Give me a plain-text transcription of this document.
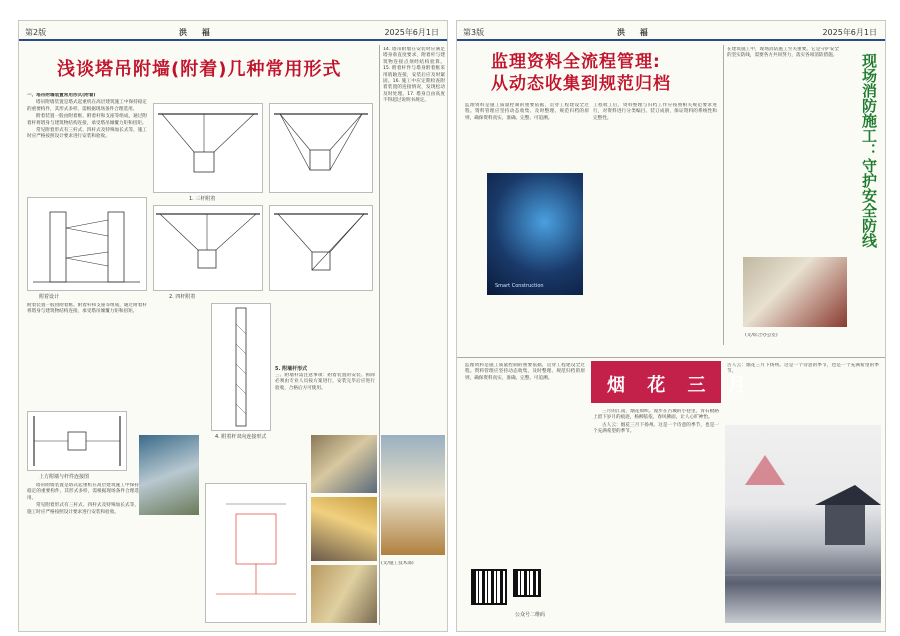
第2版	洪 福	2025年6月1日
浅谈塔吊附墙(附着)几种常用形式
14. 塔吊附墙在安装时应满足塔身垂直度要求，附着杆与建筑物连接点须经结构验算。15. 附着杆件与塔身附着框采用销轴连接，安装后应及时紧固。16. 施工中应定期检查附着装置的连接情况，发现松动及时处理。17. 塔身自由高度不得超过说明书规定。

一、塔吊附墙装置常用形式(附着)

塔吊附墙装置是塔式起重机在高层建筑施工中保持稳定的重要构件，其形式多样，需根据现场条件合理选用。

附着装置一般由附着框、附着杆和支座等组成，通过附着杆将塔身与建筑物结构连接，承受塔吊倾覆力矩和扭矩。

常见附着形式有三杆式、四杆式及特殊加长式等，施工时应严格按照设计要求进行安装和验收。

附着设计
附着装置一般由附着框、附着杆和支座等组成，通过附着杆将塔身与建筑物结构连接，承受塔吊倾覆力矩和扭矩。
1. 三杆附着
2. 四杆附着
三、附墙杆需注意事项：附着装置的安装、拆除必须由专业人员按方案进行，安装完毕后应进行验收，合格后方可使用。
5. 附墙杆形式
上方附墙与杆件连接图

塔吊附墙装置是塔式起重机在高层建筑施工中保持稳定的重要构件，其形式多样，需根据现场条件合理选用。

常见附着形式有三杆式、四杆式及特殊加长式等，施工时应严格按照设计要求进行安装和验收。

4. 附着杆双向连接形式
(文/施工技术部)
第3版	洪 福	2025年6月1日
监理资料全流程管理:
从动态收集到规范归档
监理资料是施工质量控制的重要依据，贯穿工程建设全过程。资料管理应坚持动态收集、及时整理、规范归档的原则，确保资料真实、准确、完整、可追溯。
Smart Construction
工程收工后，资料整理与归档工作应按照相关规范要求进行，对资料进行分类编目、装订成册，保证资料的系统性和完整性。
在建筑施工中，现场消防施工至关重要。它是守护安全的坚实防线，需要各方共同努力，落实各项消防措施。	现场消防施工：守护安全防线
(文/综合办公室)
监理资料是施工质量控制的重要依据，贯穿工程建设全过程。资料管理应坚持动态收集、及时整理、规范归档的原则，确保资料真实、准确、完整、可追溯。
公众号二维码
烟 花 三 月

三月的江南，烟花如织。漫步在古城的小巷里，青石板路上留下岁月的痕迹，杨柳依依，春风拂面，让人心旷神怡。

古人云：烟花三月下扬州。这是一个诗意的季节，也是一个充满希望的季节。

古人云：烟花三月下扬州。这是一个诗意的季节，也是一个充满希望的季节。
